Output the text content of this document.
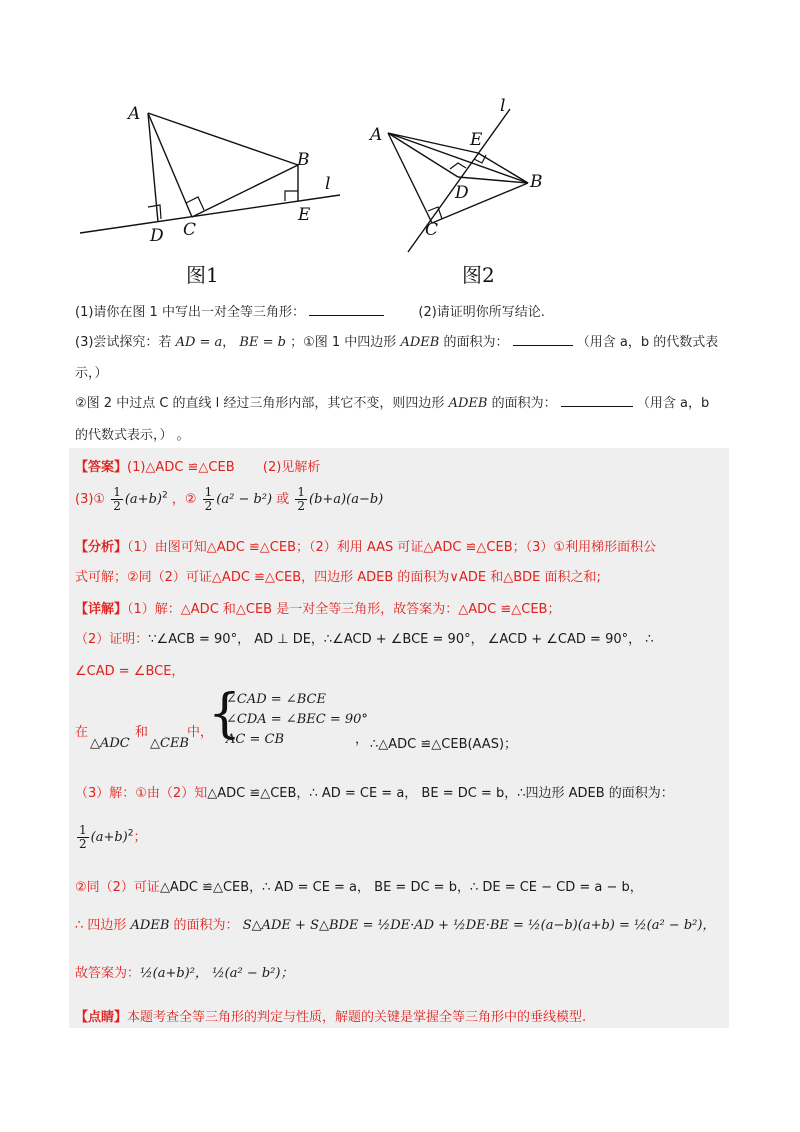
A
B
C
D
E
l
图1
A
B
C
D
E
l
图2
(1)请你在图 1 中写出一对全等三角形：	(2)请证明你所写结论.
(3)尝试探究：若 AD = a， BE = b ；①图 1 中四边形 ADEB 的面积为：	（用含 a，b 的代数式表
示，）
②图 2 中过点 C 的直线 l 经过三角形内部，其它不变，则四边形 ADEB 的面积为：	（用含 a，b
的代数式表示，） 。
【答案】(1)△ADC ≌△CEB (2)见解析
(3)① $\frac{1}{2} (a+b)^2$ ，② $\frac{1}{2} (a^2 - b^2)$ 或 $\frac{1}{2} (b+a)(a-b)$
【分析】（1）由图可知△ADC ≌△CEB；（2）利用 AAS 可证△ADC ≌△CEB；（3）①利用梯形面积公
式可解；②同（2）可证△ADC ≌△CEB，四边形 ADEB 的面积为∨ADE 和△BDE 面积之和;
【详解】（1）解：△ADC 和△CEB 是一对全等三角形，故答案为：△ADC ≌△CEB；
（2）证明：∵∠ACB = 90°， AD ⊥ DE，∴∠ACD + ∠BCE = 90°， ∠ACD + ∠CAD = 90°， ∴
∠CAD = ∠BCE，
在	和	中，
△ADC △CEB {
∠CAD = ∠BCE
∠CDA = ∠BEC = 90°
AC = CB	， ∴△ADC ≌△CEB(AAS)；
（3）解：①由（2）知△ADC ≌△CEB，∴ AD = CE = a， BE = DC = b，∴四边形 ADEB 的面积为：
$\frac{1}{2} (a+b)^2$；
②同（2）可证△ADC ≌△CEB，∴ AD = CE = a， BE = DC = b，∴ DE = CE − CD = a − b，
∴ 四边形 ADEB 的面积为： S△ADE + S△BDE = ½DE·AD + ½DE·BE = ½(a−b)(a+b) = ½(a² − b²)，
故答案为：½(a+b)²， ½(a² − b²)；
【点睛】本题考查全等三角形的判定与性质，解题的关键是掌握全等三角形中的垂线模型.
